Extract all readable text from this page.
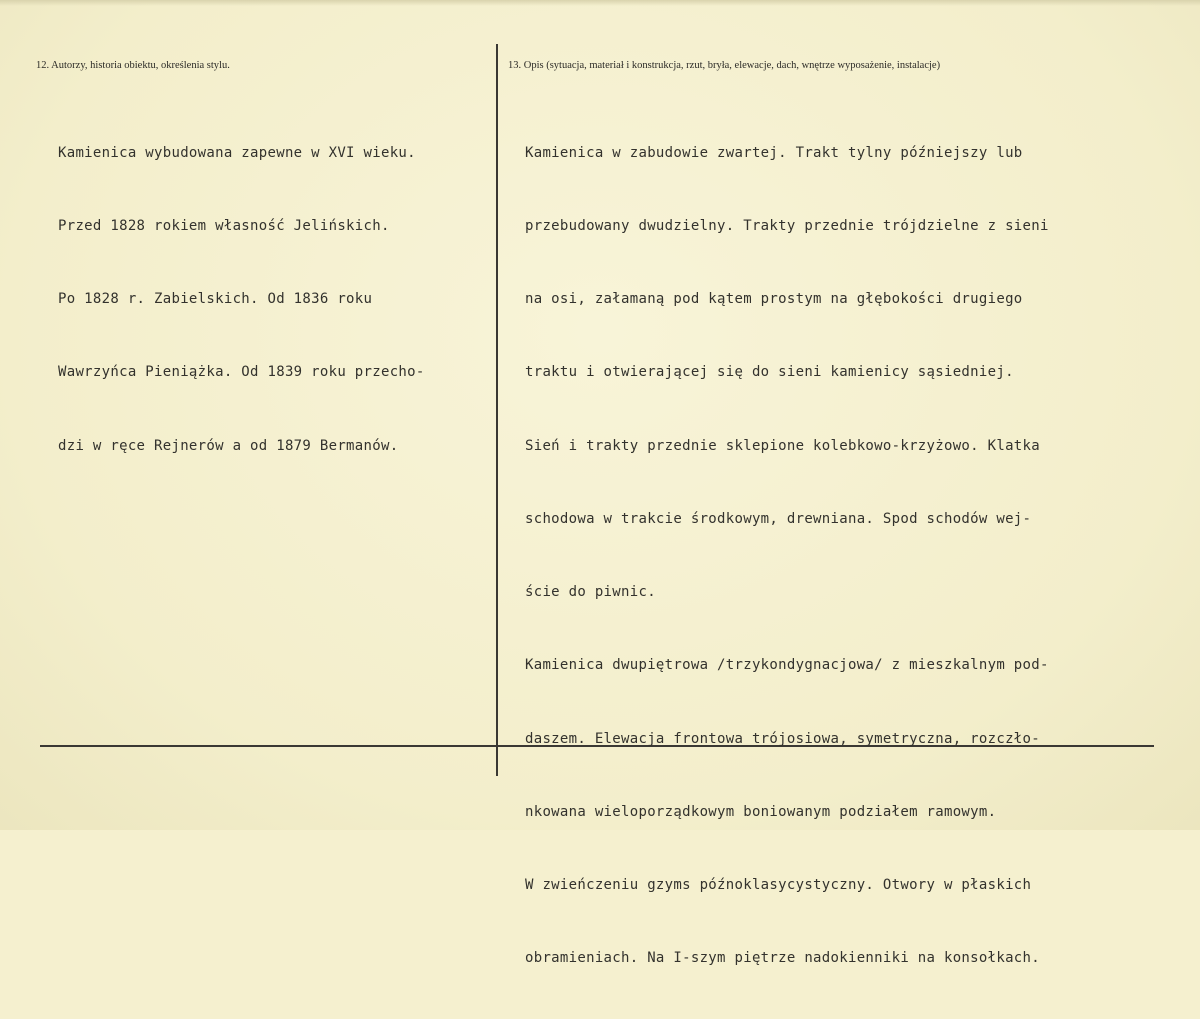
12. Autorzy, historia obiektu, określenia stylu.	13. Opis (sytuacja, materiał i konstrukcja, rzut, bryła, elewacje, dach, wnętrze wyposażenie, instalacje)

Kamienica wybudowana zapewne w XVI wieku.

Przed 1828 rokiem własność Jelińskich.

Po 1828 r. Zabielskich. Od 1836 roku

Wawrzyńca Pieniążka. Od 1839 roku przecho-

dzi w ręce Rejnerów a od 1879 Bermanów.

Kamienica w zabudowie zwartej. Trakt tylny późniejszy lub

przebudowany dwudzielny. Trakty przednie trójdzielne z sieni

na osi, załamaną pod kątem prostym na głębokości drugiego

traktu i otwierającej się do sieni kamienicy sąsiedniej.

Sień i trakty przednie sklepione kolebkowo-krzyżowo. Klatka

schodowa w trakcie środkowym, drewniana. Spod schodów wej-

ście do piwnic.

Kamienica dwupiętrowa /trzykondygnacjowa/ z mieszkalnym pod-

daszem. Elewacja frontowa trójosiowa, symetryczna, rozczło-

nkowana wieloporządkowym boniowanym podziałem ramowym.

W zwieńczeniu gzyms późnoklasycystyczny. Otwory w płaskich

obramieniach. Na I-szym piętrze nadokienniki na konsołkach.
